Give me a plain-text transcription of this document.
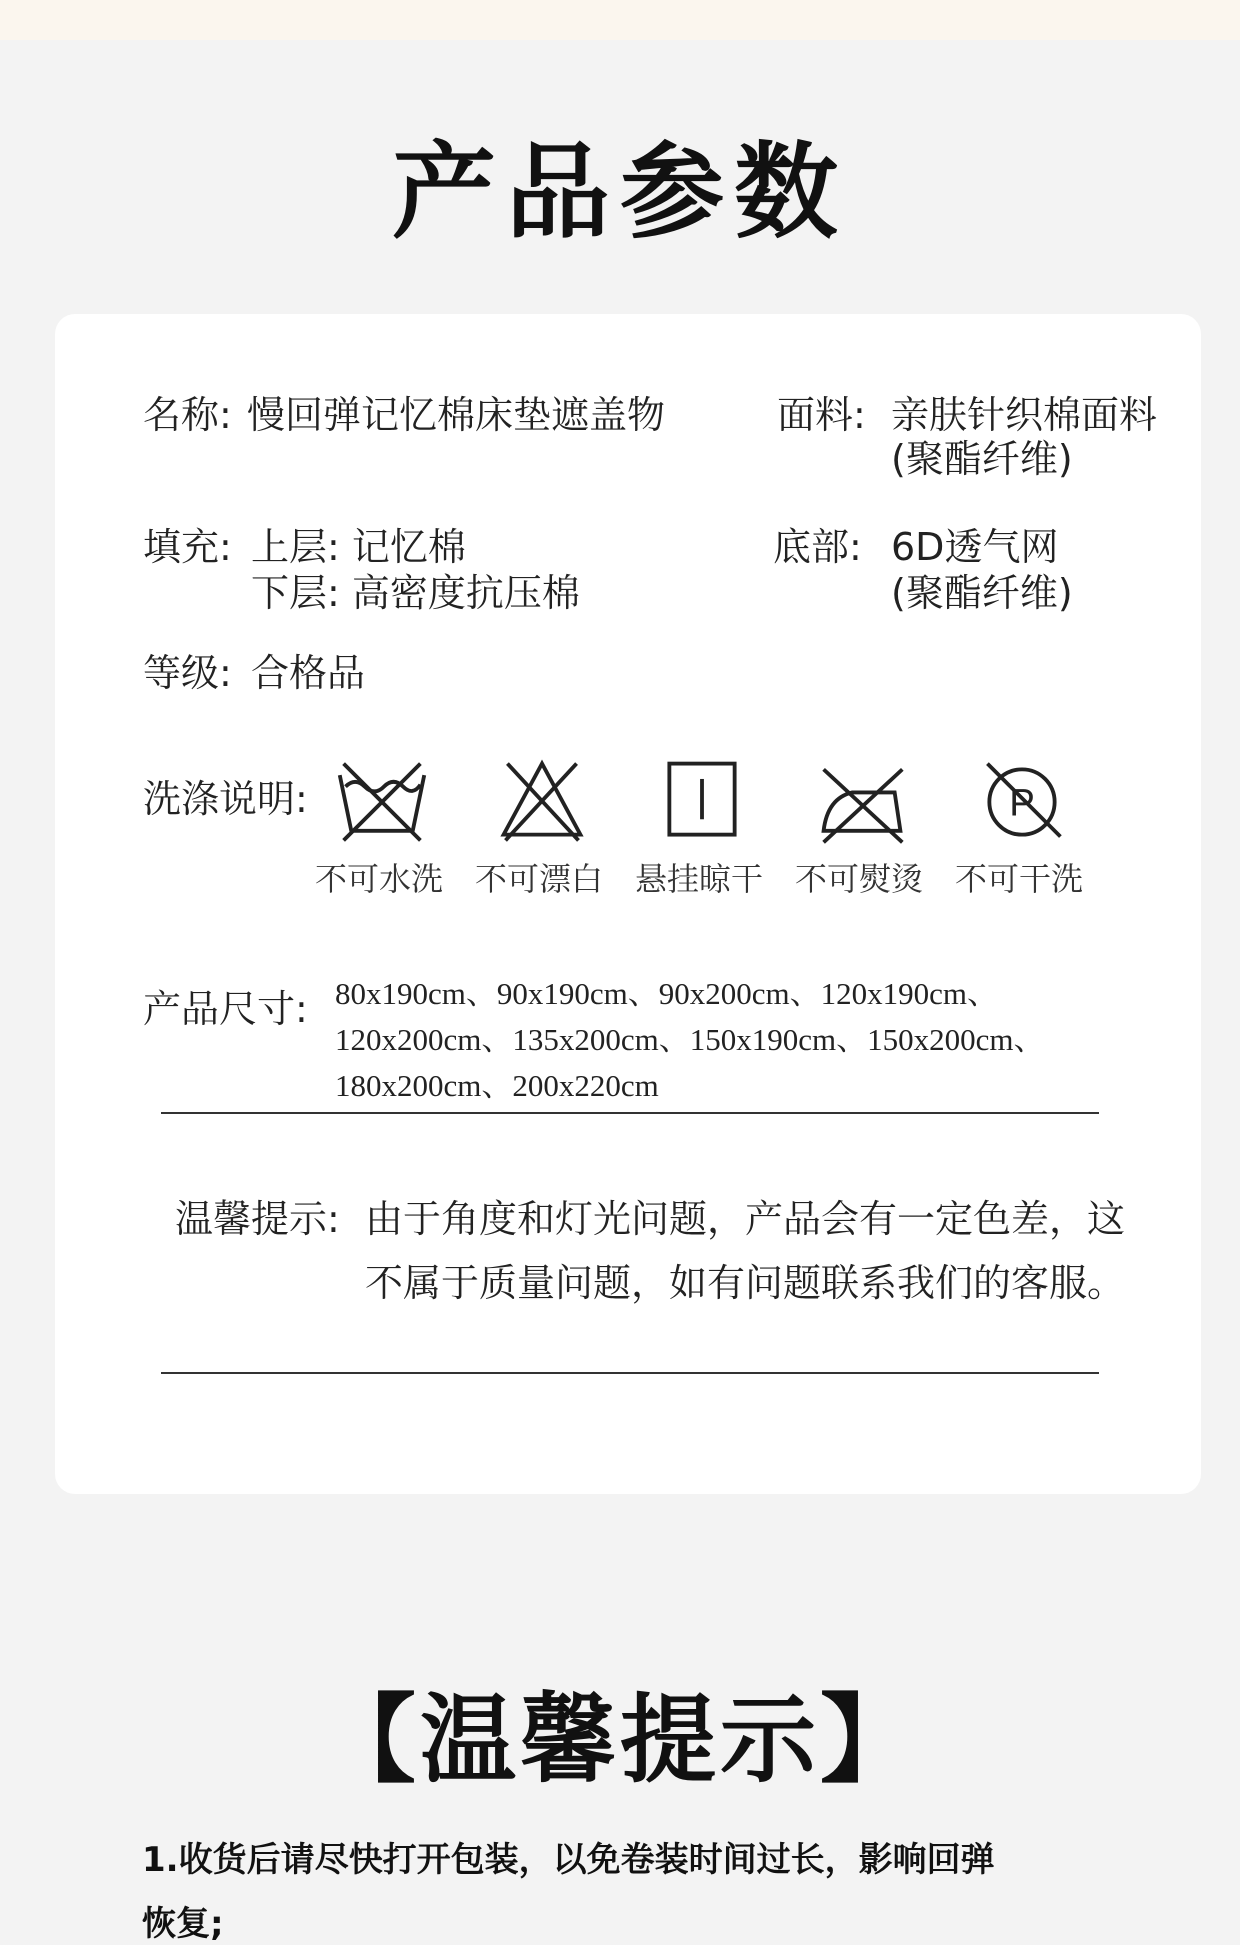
产品参数
名称: 慢回弹记忆棉床垫遮盖物	面料: 亲肤针织棉面料
(聚酯纤维)
填充: 上层: 记忆棉
下层: 高密度抗压棉
底部: 6D透气网
(聚酯纤维)
等级: 合格品
洗涤说明:
不可水洗 不可漂白 悬挂晾干 不可熨烫
P
不可干洗
产品尺寸: 80x190cm、90x190cm、90x200cm、120x190cm、
120x200cm、135x200cm、150x190cm、150x200cm、
180x200cm、200x220cm
温馨提示: 由于角度和灯光问题，产品会有一定色差，这
不属于质量问题，如有问题联系我们的客服。
【温馨提示】
1.收货后请尽快打开包装，以免卷装时间过长，影响回弹
恢复;
